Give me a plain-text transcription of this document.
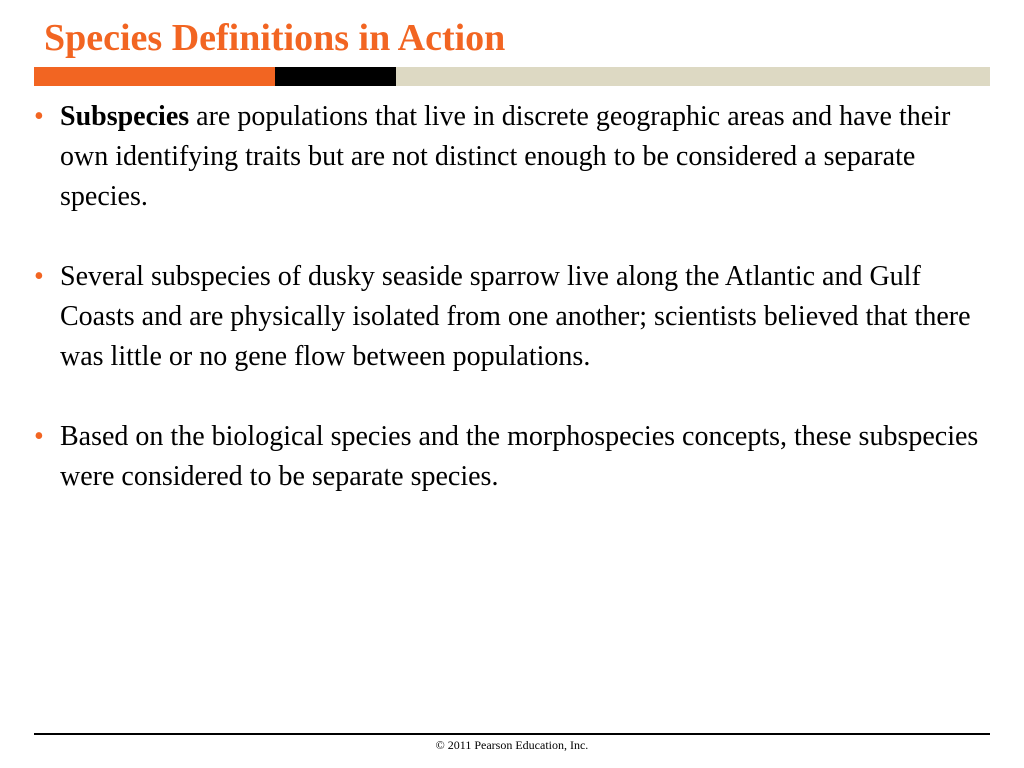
Species Definitions in Action
• Subspecies are populations that live in discrete geographic areas and have their own identifying traits but are not distinct enough to be considered a separate species.
• Several subspecies of dusky seaside sparrow live along the Atlantic and Gulf Coasts and are physically isolated from one another; scientists believed that there was little or no gene flow between populations.
• Based on the biological species and the morphospecies concepts, these subspecies were considered to be separate species.
© 2011 Pearson Education, Inc.
